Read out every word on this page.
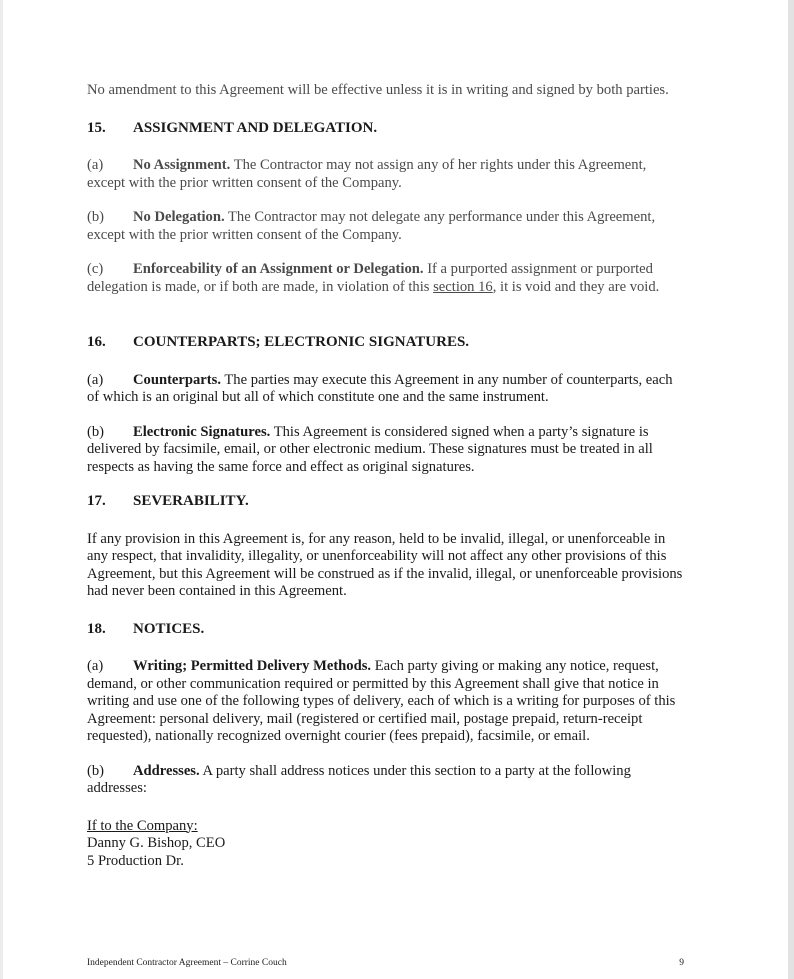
No amendment to this Agreement will be effective unless it is in writing and signed by both parties.

15. ASSIGNMENT AND DELEGATION.

(a) No Assignment. The Contractor may not assign any of her rights under this Agreement, except with the prior written consent of the Company.

(b) No Delegation. The Contractor may not delegate any performance under this Agreement, except with the prior written consent of the Company.

(c) Enforceability of an Assignment or Delegation. If a purported assignment or purported delegation is made, or if both are made, in violation of this section 16, it is void and they are void.

16. COUNTERPARTS; ELECTRONIC SIGNATURES.

(a) Counterparts. The parties may execute this Agreement in any number of counterparts, each of which is an original but all of which constitute one and the same instrument.

(b) Electronic Signatures. This Agreement is considered signed when a party’s signature is delivered by facsimile, email, or other electronic medium. These signatures must be treated in all respects as having the same force and effect as original signatures.

17. SEVERABILITY.

If any provision in this Agreement is, for any reason, held to be invalid, illegal, or unenforceable in any respect, that invalidity, illegality, or unenforceability will not affect any other provisions of this Agreement, but this Agreement will be construed as if the invalid, illegal, or unenforceable provisions had never been contained in this Agreement.

18. NOTICES.

(a) Writing; Permitted Delivery Methods. Each party giving or making any notice, request, demand, or other communication required or permitted by this Agreement shall give that notice in writing and use one of the following types of delivery, each of which is a writing for purposes of this Agreement: personal delivery, mail (registered or certified mail, postage prepaid, return-receipt requested), nationally recognized overnight courier (fees prepaid), facsimile, or email.

(b) Addresses. A party shall address notices under this section to a party at the following addresses:

If to the Company:

Danny G. Bishop, CEO

5 Production Dr.

Independent Contractor Agreement – Corrine Couch	9
